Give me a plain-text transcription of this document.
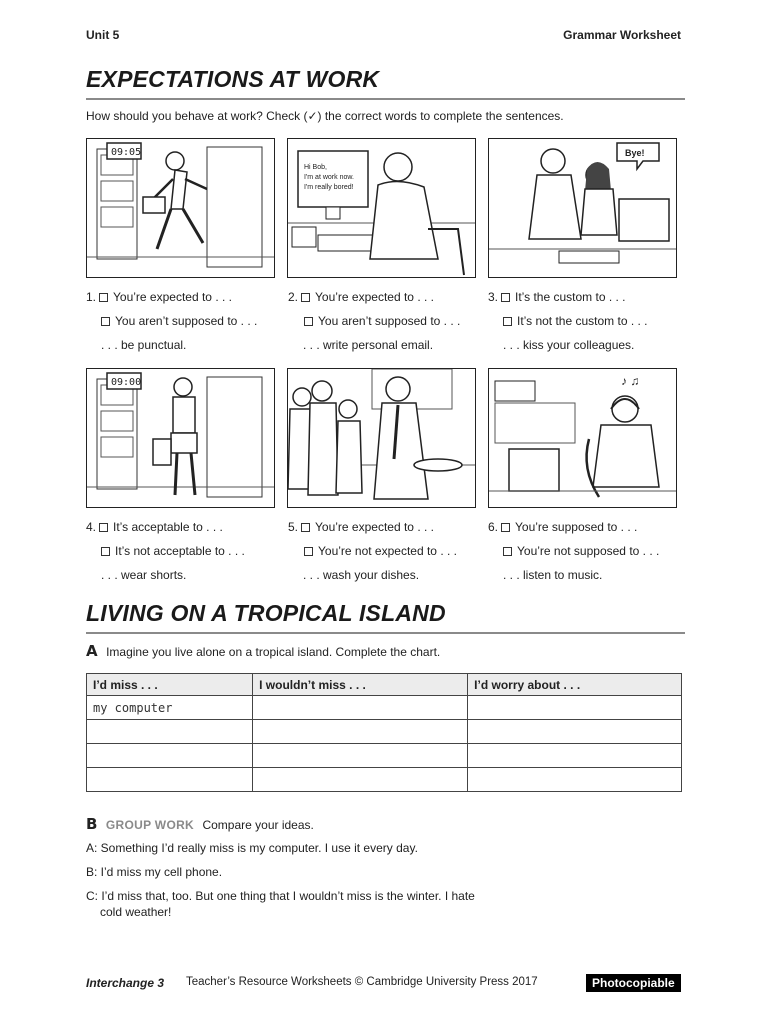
Unit 5	Grammar Worksheet
EXPECTATIONS AT WORK
How should you behave at work? Check (✓) the correct words to complete the sentences.
09:05
Hi Bob,
I'm at work now.
I'm really bored!
Bye!
1. You’re expected to . . .
You aren’t supposed to . . .
. . . be punctual.
2. You’re expected to . . .
You aren’t supposed to . . .
. . . write personal email.
3. It’s the custom to . . .
It’s not the custom to . . .
. . . kiss your colleagues.
09:00	♪ ♫
4. It’s acceptable to . . .
It’s not acceptable to . . .
. . . wear shorts.
5. You’re expected to . . .
You’re not expected to . . .
. . . wash your dishes.
6. You’re supposed to . . .
You’re not supposed to . . .
. . . listen to music.
LIVING ON A TROPICAL ISLAND
A Imagine you live alone on a tropical island. Complete the chart.
I’d miss . . .	I wouldn’t miss . . .	I’d worry about . . .
my computer		

B GROUP WORK Compare your ideas.
A: Something I’d really miss is my computer. I use it every day.
B: I’d miss my cell phone.
C: I’d miss that, too. But one thing that I wouldn’t miss is the winter. I hate
cold weather!
Interchange 3 Teacher’s Resource Worksheets © Cambridge University Press 2017	Photocopiable
